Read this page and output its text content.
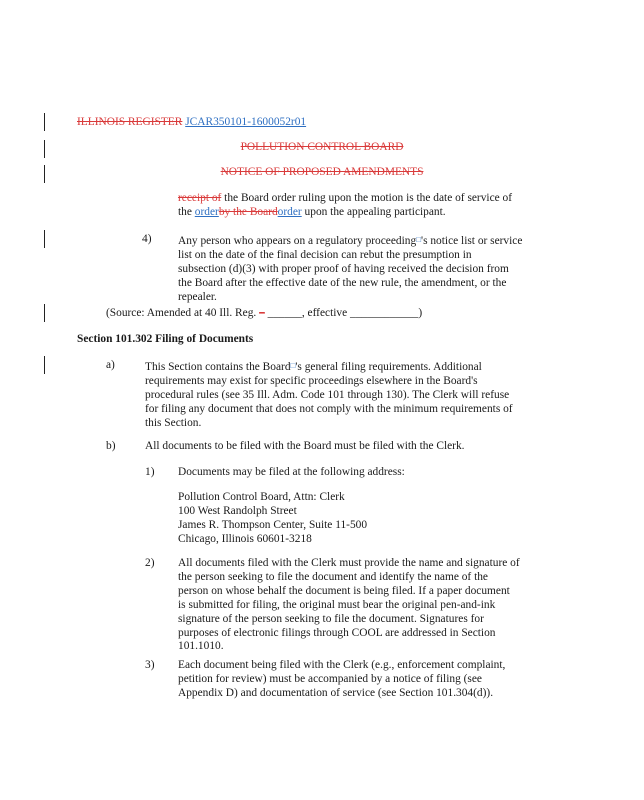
ILLINOIS REGISTER JCAR350101-1600052r01
POLLUTION CONTROL BOARD
NOTICE OF PROPOSED AMENDMENTS
receipt of the Board order ruling upon the motion is the date of service of
the orderby the Boardorder upon the appealing participant.
4) Any person who appears on a regulatory proceeding□'s notice list or service
list on the date of the final decision can rebut the presumption in
subsection (d)(3) with proper proof of having received the decision from
the Board after the effective date of the new rule, the amendment, or the
repealer.
(Source: Amended at 40 Ill. Reg. – ______, effective ____________)
Section 101.302 Filing of Documents
a)	This Section contains the Board□'s general filing requirements. Additional
requirements may exist for specific proceedings elsewhere in the Board's
procedural rules (see 35 Ill. Adm. Code 101 through 130). The Clerk will refuse
for filing any document that does not comply with the minimum requirements of
this Section.
b)	All documents to be filed with the Board must be filed with the Clerk.
1) Documents may be filed at the following address:
Pollution Control Board, Attn: Clerk
100 West Randolph Street
James R. Thompson Center, Suite 11-500
Chicago, Illinois 60601-3218
2) All documents filed with the Clerk must provide the name and signature of
the person seeking to file the document and identify the name of the
person on whose behalf the document is being filed. If a paper document
is submitted for filing, the original must bear the original pen-and-ink
signature of the person seeking to file the document. Signatures for
purposes of electronic filings through COOL are addressed in Section
101.1010.
3) Each document being filed with the Clerk (e.g., enforcement complaint,
petition for review) must be accompanied by a notice of filing (see
Appendix D) and documentation of service (see Section 101.304(d)).
